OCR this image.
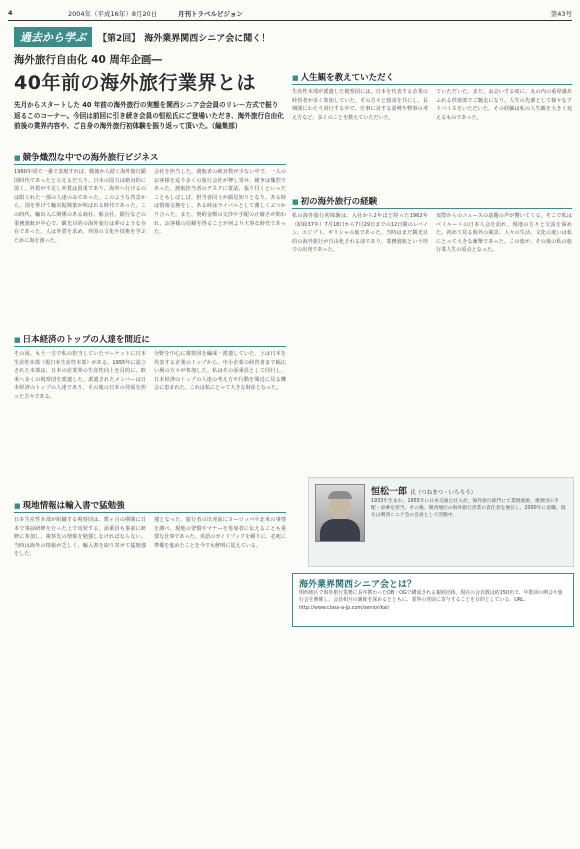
4	2004年（平成16年）8月20日	月刊トラベルビジョン	第43号
過去から学ぶ	【第2回】 海外業界関西シニア会に聞く！
海外旅行自由化 40 周年企画―
40年前の海外旅行業界とは
先月からスタートした 40 年前の海外旅行の実態を関西シニア会会員のリレー方式で振り返るこのコーナー。今回は前回に引き続き会員の恒松氏にご登場いただき、海外旅行自由化前後の業界内容や、ご自身の海外旅行初体験を振り返って頂いた。（編集部）
■ 競争熾烈な中での海外旅行ビジネス

1960年頃で一番で表現すれば、戦後から続く海外旅行鎖国時代であったと言えるだろう。日本の国力は絶対的に弱く、外貨が不足し外貨は貴重であり、海外へ行けるのは限られた一部の人達のみであった。このような背景から、国を挙げて輸出振興策が叫ばれる時代であった。この時代、輸出入に関係のある商社、船会社、銀行などの業務渡航が中心で、観光目的の海外旅行は夢のような存在であった。人は外貨を求め、外国の文化や技術を学ぶために海を渡った。

会社を担当した。渡航者の絶対数が少ない中で、一人のお客様を巡り多くの旅行会社が押し寄せ、競争は熾烈であった。渡航担当者のデスクに電話、張り付くといったこともしばしば。担当者同士が顔見知りとなり、ある時は情報交換をし、ある時はライバルとして激しくぶつかり合った。また、契約金額の交渉や手配の正確さが問われ、お客様の信頼を得ることが何より大事な時代であった。

■ 日本経済のトップの人達を間近に

その頃、もう一方で私の担当していたマーケットに日本生産性本部（現日本生産性本部）がある。1955年に設立された本部は、日本の産業界の生産性向上を目的に、欧米へ多くの視察団を派遣した。派遣されたメンバーは日本経済のトップの人達であり、その後の日本の発展を担った方々である。

分野を中心に視察団を編成・派遣していた。上は日本を代表する企業のトップから、中小企業の経営者まで幅広い層の方々が参加した。私はその添乗員として同行し、日本経済のトップの人達の考え方や行動を間近に見る機会に恵まれた。これは私にとって大きな財産となった。

■ 現地情報は輸入書で猛勉強

日本生産性本部が組織する視察団は、数ヶ月の期間に日本で事前研修を行った上で出発する。添乗員も事前に研修に参加し、視察先の情報を勉強しなければならない。当時は海外の情報が乏しく、輸入書を取り寄せて猛勉強をした。

強となった。旅行者の出発前にヨーロッパや北米の事情を調べ、現地の習慣やマナーを参加者に伝えることも重要な仕事であった。英語のガイドブックを頼りに、必死に準備を進めたことを今でも鮮明に覚えている。

■ 人生観を教えていただく

生産性本部が派遣した視察団には、日本を代表する企業の経営者が多く参加していた。その方々と寝食を共にし、長期間にわたり同行する中で、仕事に対する姿勢や物事の考え方など、多くのことを教えていただいた。

ていただいた。また、お会いする度に、丸の内の重厚感あふれる倶楽部でご馳走になり、人生の先輩として様々なアドバイスをいただいた。その経験は私の人生観を大きく変えるものであった。

■ 初の海外旅行の経験

私の海外旅行初体験は、入社から2年ほど経った1962年（昭和37年）7月18日から7月29日までの12日間のレバノン、エジプト、ギリシャの旅であった。当時はまだ観光目的の海外旅行が自由化される前であり、業務渡航という形での出発であった。

実際からのニュースの話題の声が響いてくる。そこで私はベイルートの日本人会を訪れ、現地の方々と交流を深めた。初めて見る海外の風景、人々の生活、文化の違いは私にとって大きな衝撃であった。この旅が、その後の私の旅行業人生の原点となった。

恒松一郎 氏（つねまつ・いちろう）
1933年生まれ。1955年に日本交通公社入社。海外旅行部門にて業務渡航、視察団の手配・添乗を担当。その後、関西地区の海外旅行営業の責任者を歴任し、2000年に退職。現在は関西シニア会の会員として活動中。
海外業界関西シニア会とは？
関西地区で海外旅行業務に長年携わったOB・OGで構成される親睦団体。現在の会員数は約150名で、年数回の例会や旅行会を開催し、会員相互の親睦を深めるとともに、業界の発展に寄与することを目的としている。URL：http://www.class-a-jp.com/senior/kai/
